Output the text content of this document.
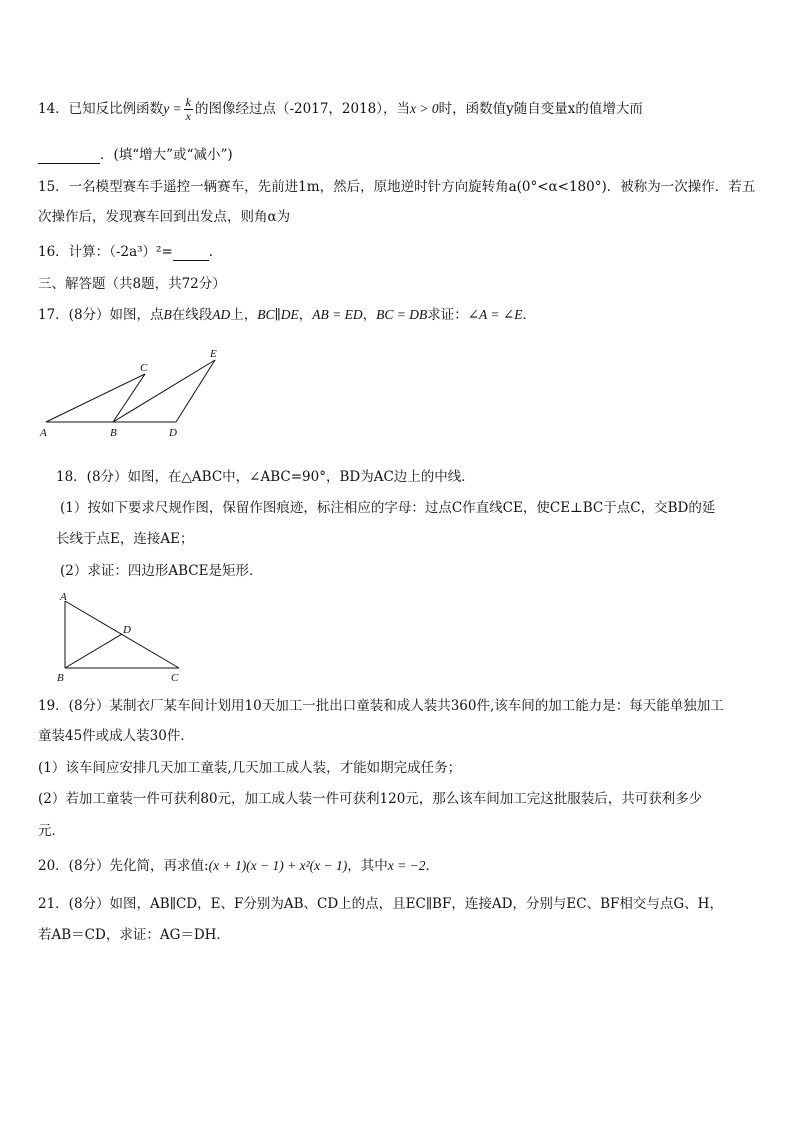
14．已知反比例函数$y = \frac{k}{x}$ 的图像经过点（-2017，2018），当x > 0时，函数值y随自变量x的值增大而
．(填“增大”或“减小”)
15．一名模型赛车手遥控一辆赛车，先前进1m，然后，原地逆时针方向旋转角a(0°<α<180°)．被称为一次操作．若五
次操作后，发现赛车回到出发点，则角α为
16．计算：（-2a³）²=	．
三、解答题（共8题，共72分）
17．(8分）如图，点B在线段AD上，BC∥DE，AB = ED，BC = DB求证：∠A = ∠E．
A	B
C
D
E
18．(8分）如图，在△ABC中，∠ABC=90°，BD为AC边上的中线．
(1）按如下要求尺规作图，保留作图痕迹，标注相应的字母：过点C作直线CE，使CE⊥BC于点C，交BD的延
长线于点E，连接AE；
(2）求证：四边形ABCE是矩形．
A
B	C
D
19．(8分）某制衣厂某车间计划用10天加工一批出口童装和成人装共360件,该车间的加工能力是：每天能单独加工
童装45件或成人装30件．
(1）该车间应安排几天加工童装,几天加工成人装，才能如期完成任务；
(2）若加工童装一件可获利80元，加工成人装一件可获利120元，那么该车间加工完这批服装后，共可获利多少
元．
20．(8分）先化简，再求值:(x + 1)(x − 1) + x²(x − 1)，其中x = −2．
21．(8分）如图，AB∥CD，E、F分别为AB、CD上的点，且EC∥BF，连接AD，分别与EC、BF相交与点G、H，
若AB＝CD，求证：AG＝DH．
